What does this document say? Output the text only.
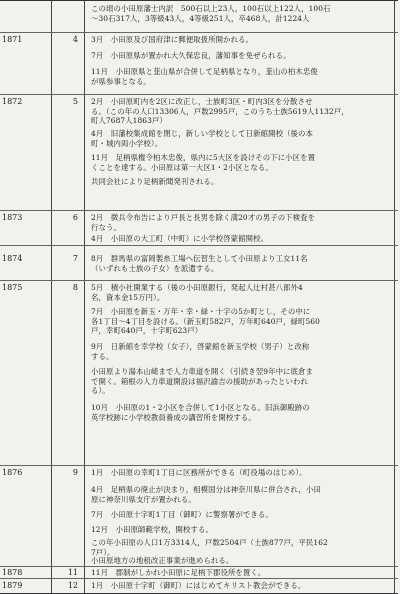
この頃の小田原藩士内訳　500石以上23人，100石以上122人，100石
～30石317人，3等級43人，4等級251人，卒468人，計1224人
1871	4 3月　小田原及び国府津に郵便取扱所開かれる。
7月　小田原県が置かれ大久保忠良，藩知事を免ぜられる。
11月　小田原県と韮山県が合併して足柄県となり，韮山の柏木忠俊
が県参事となる。
1872	5 2月　小田原町内を2区に改正し，士族町3区・町内3区を分散させ
る。（この年の人口13306人，戸数2995戸，このうち士族5619人1132戸，
町人7687人1863戸）
4月　旧藩校集成館を閉じ，新しい学校として日新館開校（後の本
町・城内両小学校）。
11月　足柄県権令柏木忠俊，県内に5大区を設けその下に小区を置
くことを達する。小田原は第一大区1・2小区となる。
共同会社により足柄新聞発刊される。
1873	6 2月　徴兵令布告により戸長と長男を除く満20才の男子の下検査を
行なう。
4月　小田原の大工町（中町）に小学校啓蒙館開校。
1874	7 8月　群馬県の富岡製糸工場へ伝習生として小田原より工女11名
（いずれも士族の子女）を派遣する。
1875	8 5月　積小社開業する（後の小田原銀行，発起人辻村甚八郎外4
名，資本金15万円）。
7月　小田原を新玉・万年・幸・緑・十字の5か町とし，その中に
各1丁目～4丁目を設ける。（新玉町582戸，万年町640戸，緑町560
戸，幸町640戸，十字町623戸）
9月　日新館を幸学校（女子），啓蒙館を新玉学校（男子）と改称
する。
小田原より湯本山崎まで人力車道を開く（引続き翌9年中に底倉ま
で開く。箱根の人力車道開設は福沢諭吉の援助があったといわれ
る）。
10月　小田原の1・2小区を合併して1小区となる。旧浜御殿跡の
英学校跡に小学校教員養成の講習所を開校する。
1876	9 1月　小田原の幸町1丁目に区務所ができる（町役場のはじめ）。
4月　足柄県の廃止が決まり，相模国分は神奈川県に併合され，小田
原に神奈川県支庁が置かれる。
7月　小田原十字町1丁目（御町）に警察署ができる。
12月　小田原師範学校，開校する。
この年小田原の人口1万3314人，戸数2504戸（士族877戸，平民162
7戸）。
小田原地方の地租改正事業が進められる。
1878	11 11月　郡制がしかれ小田原に足柄下郡役所を置く。
1879	12 1月　小田原十字町（御町）にはじめてキリスト教会ができる。
